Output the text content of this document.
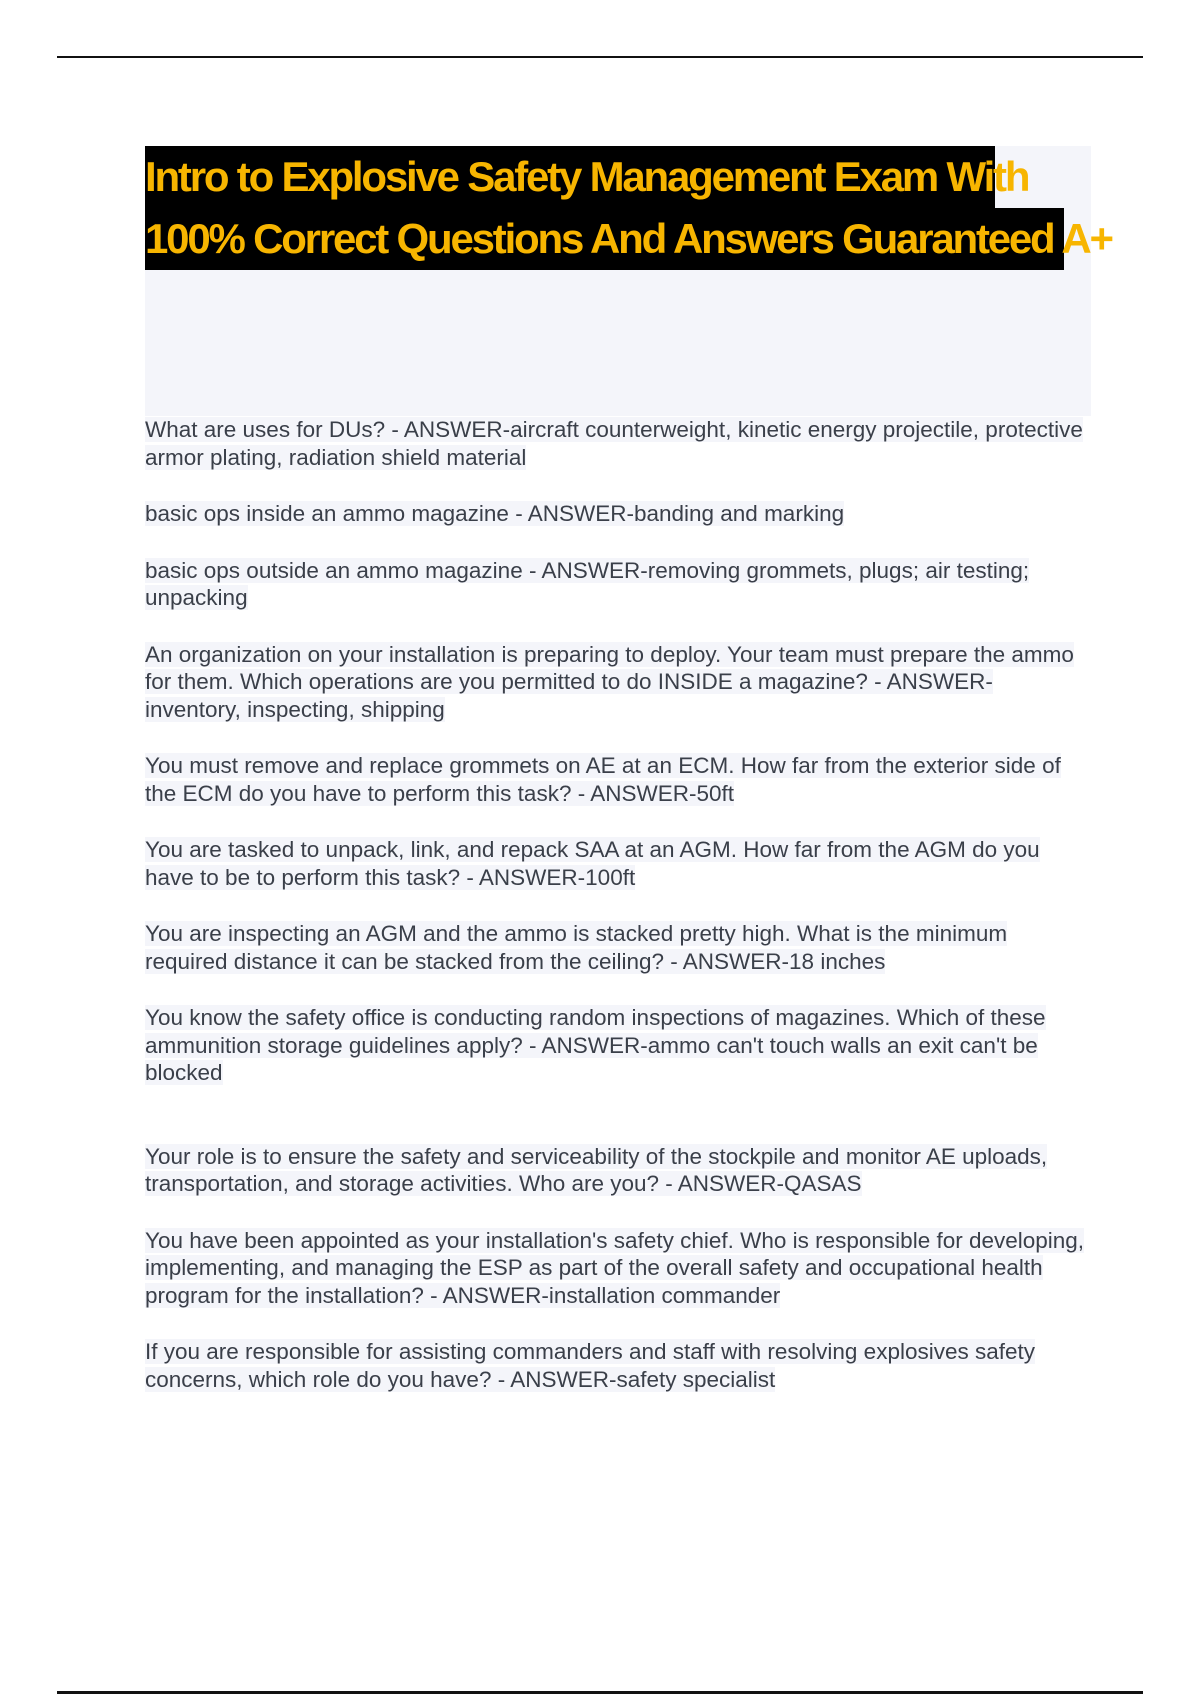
Intro to Explosive Safety Management Exam With
100% Correct Questions And Answers Guaranteed A+

What are uses for DUs? - ANSWER-aircraft counterweight, kinetic energy projectile, protective armor plating, radiation shield material

basic ops inside an ammo magazine - ANSWER-banding and marking

basic ops outside an ammo magazine - ANSWER-removing grommets, plugs; air testing; unpacking

An organization on your installation is preparing to deploy. Your team must prepare the ammo for them. Which operations are you permitted to do INSIDE a magazine? - ANSWER-inventory, inspecting, shipping

You must remove and replace grommets on AE at an ECM. How far from the exterior side of the ECM do you have to perform this task? - ANSWER-50ft

You are tasked to unpack, link, and repack SAA at an AGM. How far from the AGM do you have to be to perform this task? - ANSWER-100ft

You are inspecting an AGM and the ammo is stacked pretty high. What is the minimum required distance it can be stacked from the ceiling? - ANSWER-18 inches

You know the safety office is conducting random inspections of magazines. Which of these ammunition storage guidelines apply? - ANSWER-ammo can't touch walls an exit can't be blocked

Your role is to ensure the safety and serviceability of the stockpile and monitor AE uploads, transportation, and storage activities. Who are you? - ANSWER-QASAS

You have been appointed as your installation's safety chief. Who is responsible for developing, implementing, and managing the ESP as part of the overall safety and occupational health program for the installation? - ANSWER-installation commander

If you are responsible for assisting commanders and staff with resolving explosives safety concerns, which role do you have? - ANSWER-safety specialist
